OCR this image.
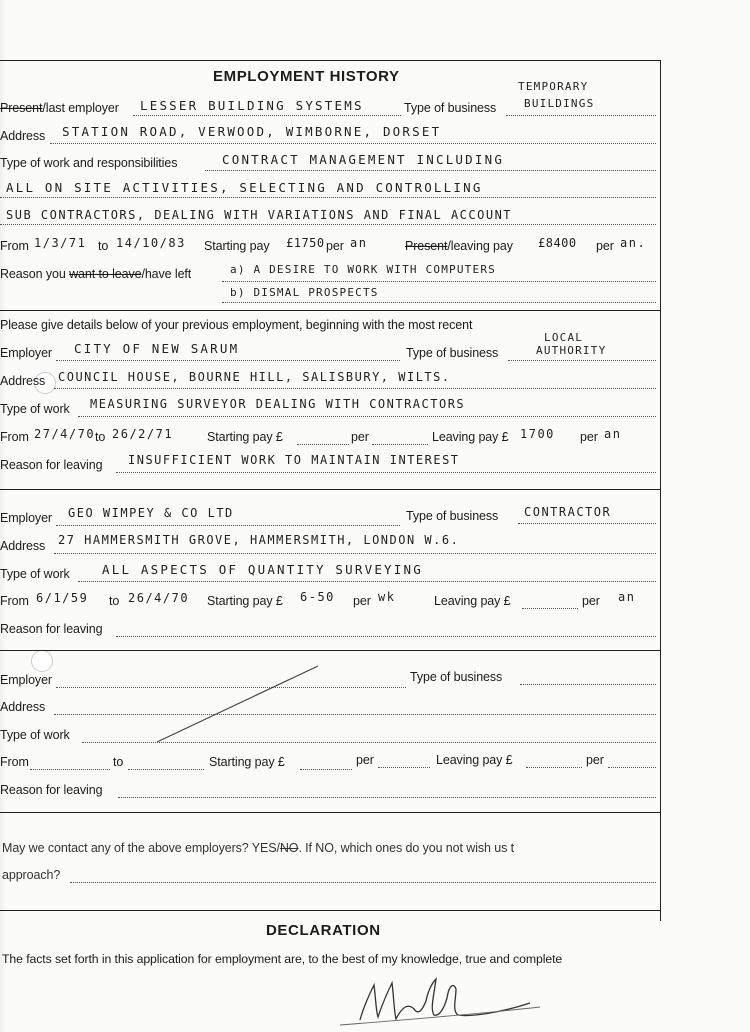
EMPLOYMENT HISTORY
Present/last employer LESSER BUILDING SYSTEMS	Type of business
TEMPORARY
BUILDINGS
Address STATION ROAD, VERWOOD, WIMBORNE, DORSET
Type of work and responsibilities	CONTRACT MANAGEMENT INCLUDING
ALL ON SITE ACTIVITIES, SELECTING AND CONTROLLING
SUB CONTRACTORS, DEALING WITH VARIATIONS AND FINAL ACCOUNT
From 1/3/71 to 14/10/83 Starting pay £1750 per an	Present/leaving pay £8400 per an.
Reason you want to leave/have left	a) A DESIRE TO WORK WITH COMPUTERS
b) DISMAL PROSPECTS
Please give details below of your previous employment, beginning with the most recent
Employer CITY OF NEW SARUM	Type of business
LOCAL
AUTHORITY
Address COUNCIL HOUSE, BOURNE HILL, SALISBURY, WILTS.
Type of work MEASURING SURVEYOR DEALING WITH CONTRACTORS
From 27/4/70 to 26/2/71	Starting pay £	per	Leaving pay £ 1700 per an
Reason for leaving INSUFFICIENT WORK TO MAINTAIN INTEREST
Employer GEO WIMPEY & CO LTD	Type of business CONTRACTOR
Address 27 HAMMERSMITH GROVE, HAMMERSMITH, LONDON W.6.
Type of work	ALL ASPECTS OF QUANTITY SURVEYING
From 6/1/59 to 26/4/70 Starting pay £ 6-50 per wk	Leaving pay £	per an
Reason for leaving
Employer	Type of business
Address
Type of work
From	to	Starting pay £	per	Leaving pay £	per
Reason for leaving
May we contact any of the above employers? YES/NO. If NO, which ones do you not wish us t
approach?
DECLARATION
The facts set forth in this application for employment are, to the best of my knowledge, true and complete
